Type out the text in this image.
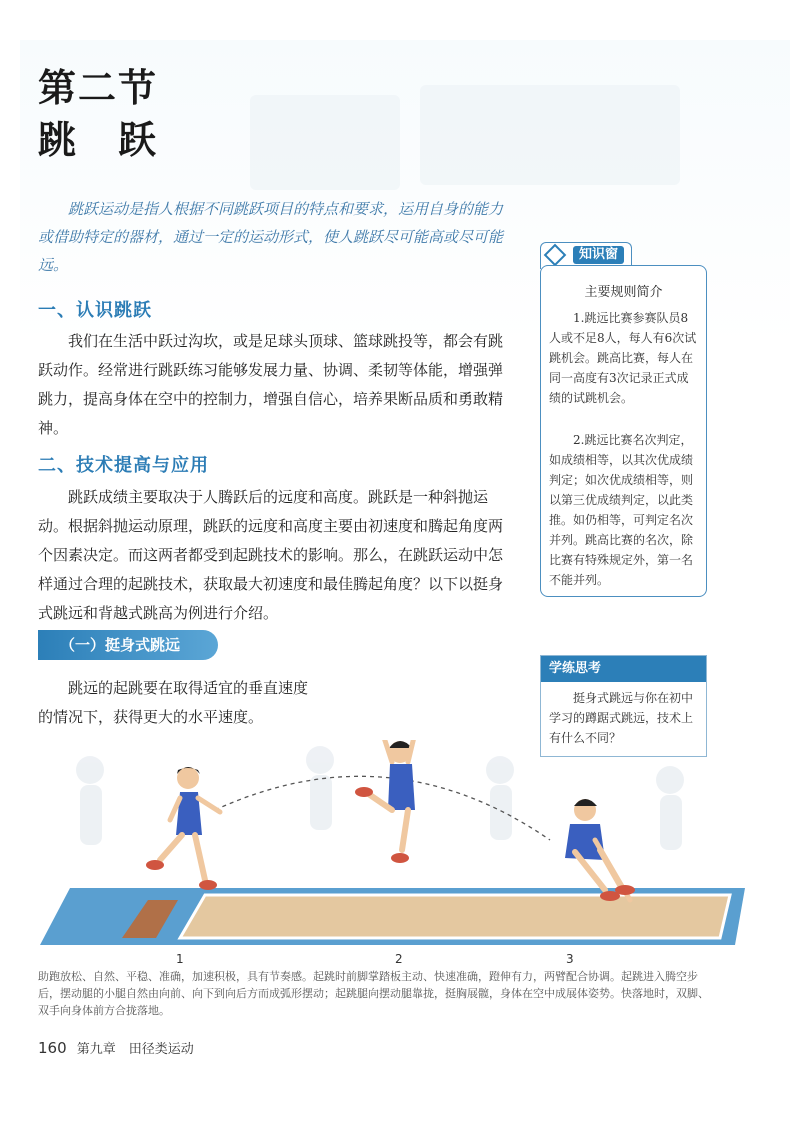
第二节
跳　跃

跳跃运动是指人根据不同跳跃项目的特点和要求，运用自身的能力或借助特定的器材，通过一定的运动形式，使人跳跃尽可能高或尽可能远。

一、认识跳跃

我们在生活中跃过沟坎，或是足球头顶球、篮球跳投等，都会有跳跃动作。经常进行跳跃练习能够发展力量、协调、柔韧等体能，增强弹跳力，提高身体在空中的控制力，增强自信心，培养果断品质和勇敢精神。

二、技术提高与应用

跳跃成绩主要取决于人腾跃后的远度和高度。跳跃是一种斜抛运动。根据斜抛运动原理，跳跃的远度和高度主要由初速度和腾起角度两个因素决定。而这两者都受到起跳技术的影响。那么，在跳跃运动中怎样通过合理的起跳技术，获取最大初速度和最佳腾起角度？以下以挺身式跳远和背越式跳高为例进行介绍。

（一）挺身式跳远

跳远的起跳要在取得适宜的垂直速度的情况下，获得更大的水平速度。

知识窗

主要规则简介

1.跳远比赛参赛队员8人或不足8人，每人有6次试跳机会。跳高比赛，每人在同一高度有3次记录正式成绩的试跳机会。

2.跳远比赛名次判定，如成绩相等，以其次优成绩判定；如次优成绩相等，则以第三优成绩判定，以此类推。如仍相等，可判定名次并列。跳高比赛的名次，除比赛有特殊规定外，第一名不能并列。

学练思考

挺身式跳远与你在初中学习的蹲踞式跳远，技术上有什么不同？

1	2	3

助跑放松、自然、平稳、准确，加速积极，具有节奏感。起跳时前脚掌踏板主动、快速准确，蹬伸有力，两臂配合协调。起跳进入腾空步后，摆动腿的小腿自然由向前、向下到向后方而成弧形摆动；起跳腿向摆动腿靠拢，挺胸展髋，身体在空中成展体姿势。快落地时，双脚、双手向身体前方合拢落地。

160 第九章　田径类运动
